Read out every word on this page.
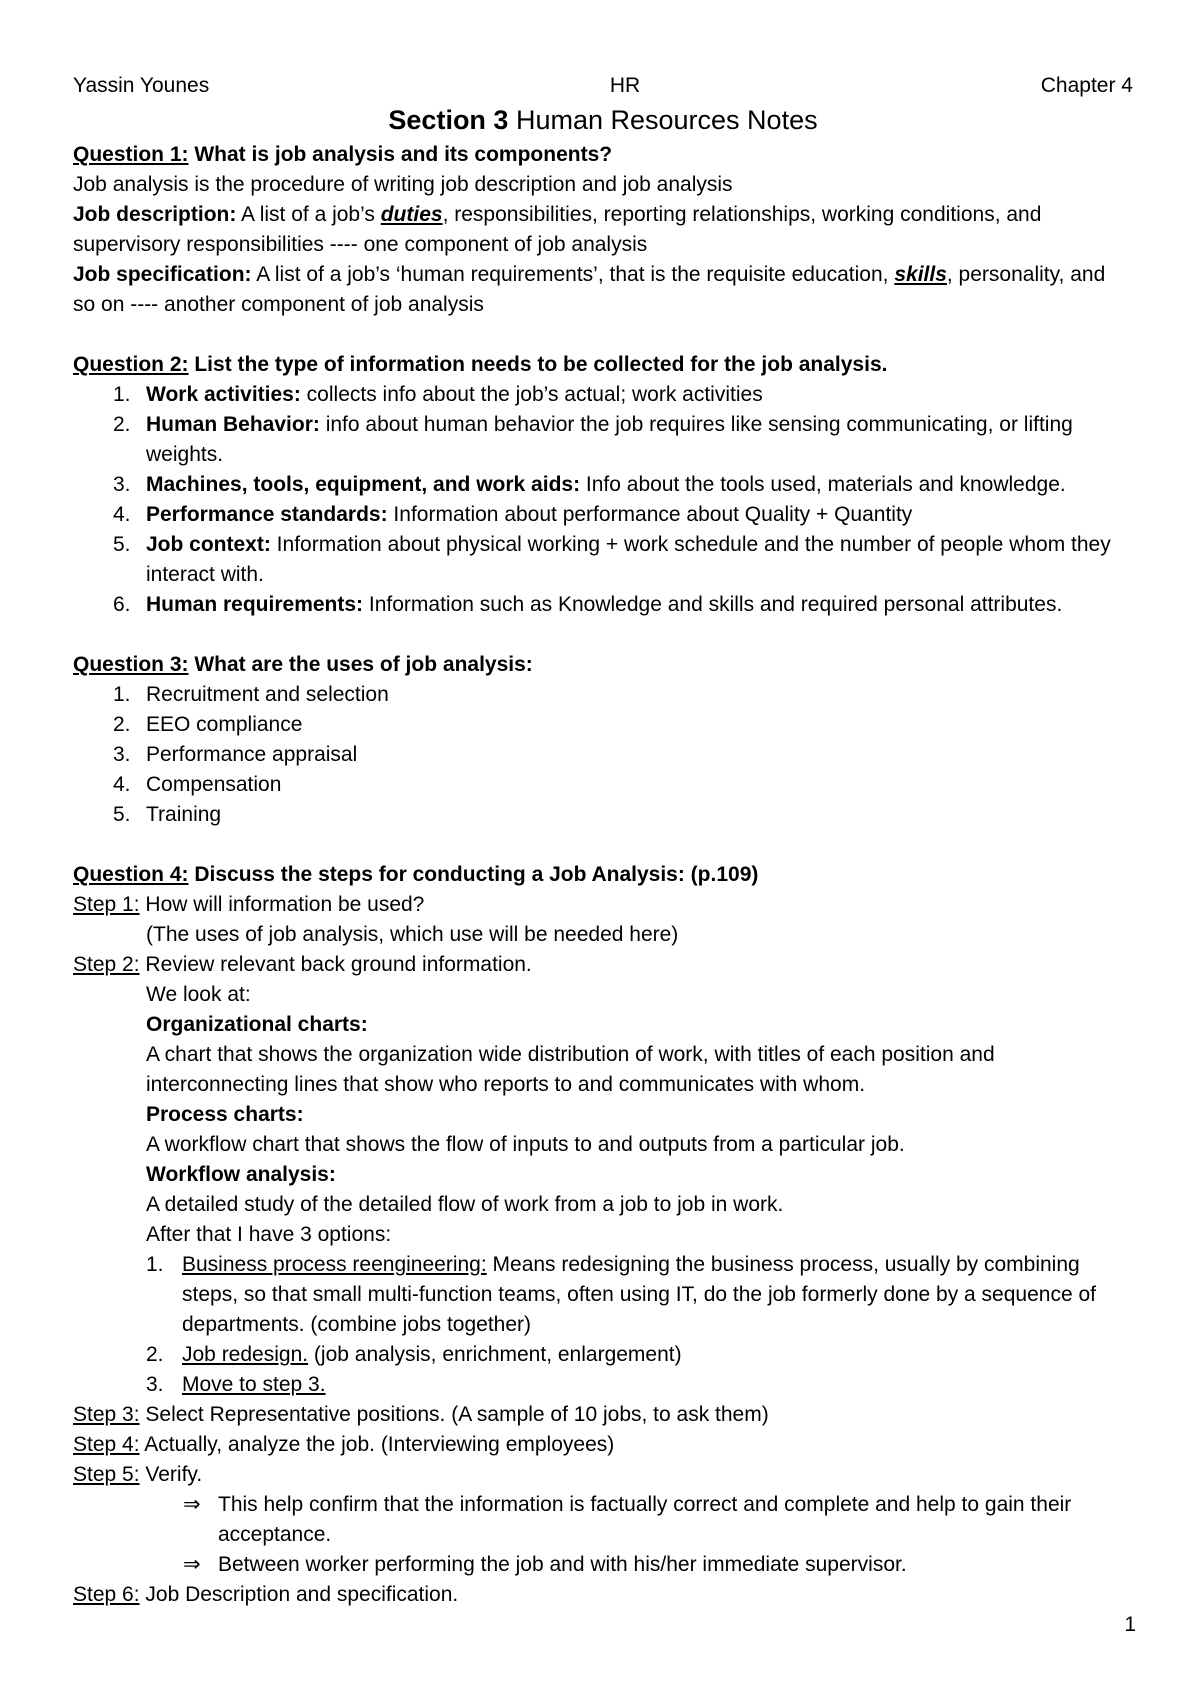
Yassin Younes	HR	Chapter 4
Section 3 Human Resources Notes

Question 1: What is job analysis and its components?

Job analysis is the procedure of writing job description and job analysis

Job description: A list of a job’s duties, responsibilities, reporting relationships, working conditions, and supervisory responsibilities ---- one component of job analysis

Job specification: A list of a job’s ‘human requirements’, that is the requisite education, skills, personality, and so on ---- another component of job analysis

Question 2: List the type of information needs to be collected for the job analysis.

1. Work activities: collects info about the job’s actual; work activities
2. Human Behavior: info about human behavior the job requires like sensing communicating, or lifting weights.
3. Machines, tools, equipment, and work aids: Info about the tools used, materials and knowledge.
4. Performance standards: Information about performance about Quality + Quantity
5. Job context: Information about physical working + work schedule and the number of people whom they interact with.
6. Human requirements: Information such as Knowledge and skills and required personal attributes.

Question 3: What are the uses of job analysis:

1. Recruitment and selection
2. EEO compliance
3. Performance appraisal
4. Compensation
5. Training

Question 4: Discuss the steps for conducting a Job Analysis: (p.109)

Step 1: How will information be used?

(The uses of job analysis, which use will be needed here)

Step 2: Review relevant back ground information.

We look at:

Organizational charts:

A chart that shows the organization wide distribution of work, with titles of each position and interconnecting lines that show who reports to and communicates with whom.

Process charts:

A workflow chart that shows the flow of inputs to and outputs from a particular job.

Workflow analysis:

A detailed study of the detailed flow of work from a job to job in work.

After that I have 3 options:

1. Business process reengineering: Means redesigning the business process, usually by combining steps, so that small multi-function teams, often using IT, do the job formerly done by a sequence of departments. (combine jobs together)
2. Job redesign. (job analysis, enrichment, enlargement)
3. Move to step 3.

Step 3: Select Representative positions. (A sample of 10 jobs, to ask them)

Step 4: Actually, analyze the job. (Interviewing employees)

Step 5: Verify.

⇒ This help confirm that the information is factually correct and complete and help to gain their acceptance.

⇒ Between worker performing the job and with his/her immediate supervisor.

Step 6: Job Description and specification.

1
